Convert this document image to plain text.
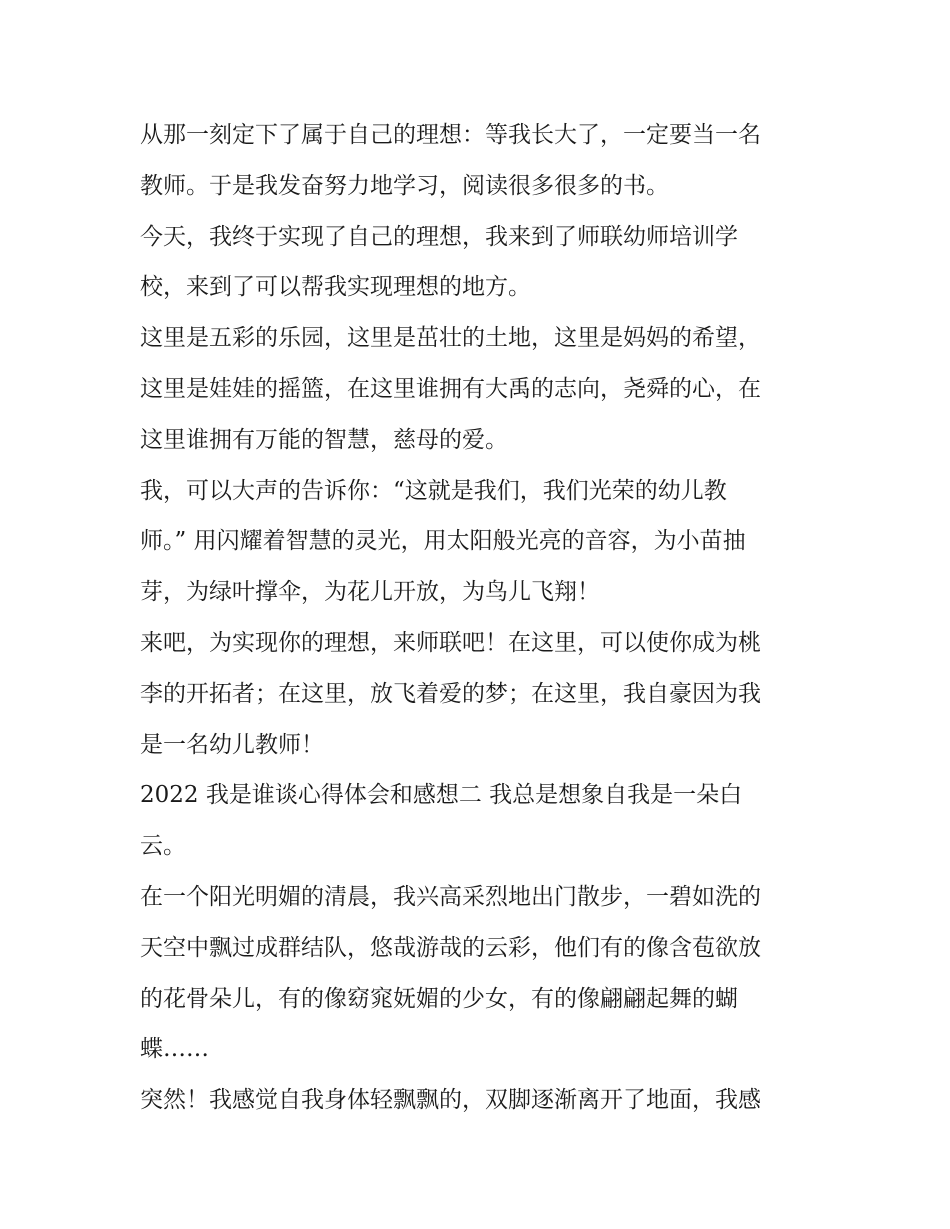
从那一刻定下了属于自己的理想：等我长大了，一定要当一名
教师。于是我发奋努力地学习，阅读很多很多的书。
今天，我终于实现了自己的理想，我来到了师联幼师培训学
校，来到了可以帮我实现理想的地方。
这里是五彩的乐园，这里是茁壮的土地，这里是妈妈的希望，
这里是娃娃的摇篮，在这里谁拥有大禹的志向，尧舜的心，在
这里谁拥有万能的智慧，慈母的爱。
我，可以大声的告诉你：“这就是我们，我们光荣的幼儿教
师。” 用闪耀着智慧的灵光，用太阳般光亮的音容，为小苗抽
芽，为绿叶撑伞，为花儿开放，为鸟儿飞翔！
来吧，为实现你的理想，来师联吧！在这里，可以使你成为桃
李的开拓者；在这里，放飞着爱的梦；在这里，我自豪因为我
是一名幼儿教师！
2022 我是谁谈心得体会和感想二 我总是想象自我是一朵白
云。
在一个阳光明媚的清晨，我兴高采烈地出门散步，一碧如洗的
天空中飘过成群结队，悠哉游哉的云彩，他们有的像含苞欲放
的花骨朵儿，有的像窈窕妩媚的少女，有的像翩翩起舞的蝴
蝶……
突然！我感觉自我身体轻飘飘的，双脚逐渐离开了地面，我感
